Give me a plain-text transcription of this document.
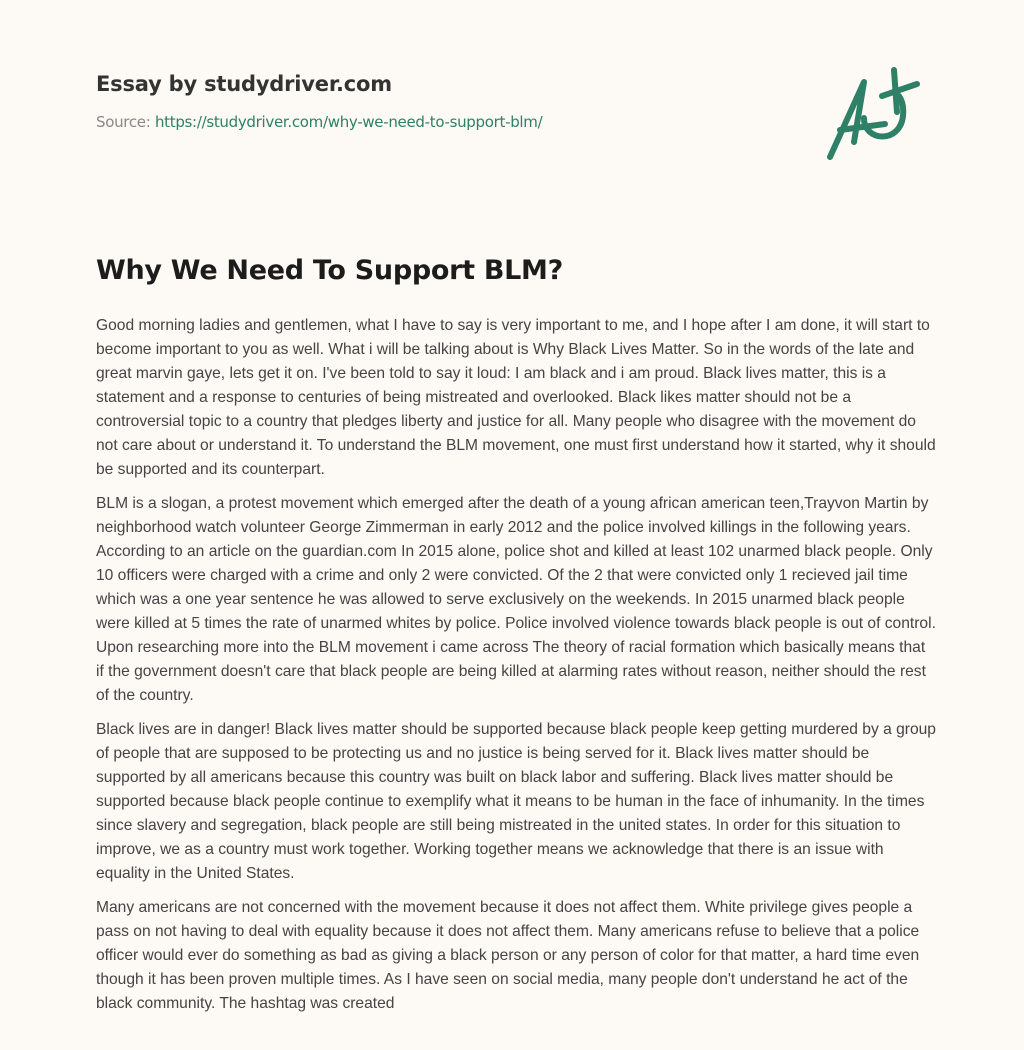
Essay by studydriver.com
Source: https://studydriver.com/why-we-need-to-support-blm/
Why We Need To Support BLM?

Good morning ladies and gentlemen, what I have to say is very important to me, and I hope after I am done, it will start to become important to you as well. What i will be talking about is Why Black Lives Matter. So in the words of the late and great marvin gaye, lets get it on. I've been told to say it loud: I am black and i am proud. Black lives matter, this is a statement and a response to centuries of being mistreated and overlooked. Black likes matter should not be a controversial topic to a country that pledges liberty and justice for all. Many people who disagree with the movement do not care about or understand it. To understand the BLM movement, one must first understand how it started, why it should be supported and its counterpart.

BLM is a slogan, a protest movement which emerged after the death of a young african american teen,Trayvon Martin by neighborhood watch volunteer George Zimmerman in early 2012 and the police involved killings in the following years. According to an article on the guardian.com In 2015 alone, police shot and killed at least 102 unarmed black people. Only 10 officers were charged with a crime and only 2 were convicted. Of the 2 that were convicted only 1 recieved jail time which was a one year sentence he was allowed to serve exclusively on the weekends. In 2015 unarmed black people were killed at 5 times the rate of unarmed whites by police. Police involved violence towards black people is out of control. Upon researching more into the BLM movement i came across The theory of racial formation which basically means that if the government doesn't care that black people are being killed at alarming rates without reason, neither should the rest of the country.

Black lives are in danger! Black lives matter should be supported because black people keep getting murdered by a group of people that are supposed to be protecting us and no justice is being served for it. Black lives matter should be supported by all americans because this country was built on black labor and suffering. Black lives matter should be supported because black people continue to exemplify what it means to be human in the face of inhumanity. In the times since slavery and segregation, black people are still being mistreated in the united states. In order for this situation to improve, we as a country must work together. Working together means we acknowledge that there is an issue with equality in the United States.

Many americans are not concerned with the movement because it does not affect them. White privilege gives people a pass on not having to deal with equality because it does not affect them. Many americans refuse to believe that a police officer would ever do something as bad as giving a black person or any person of color for that matter, a hard time even though it has been proven multiple times. As I have seen on social media, many people don't understand he act of the black community. The hashtag was created
